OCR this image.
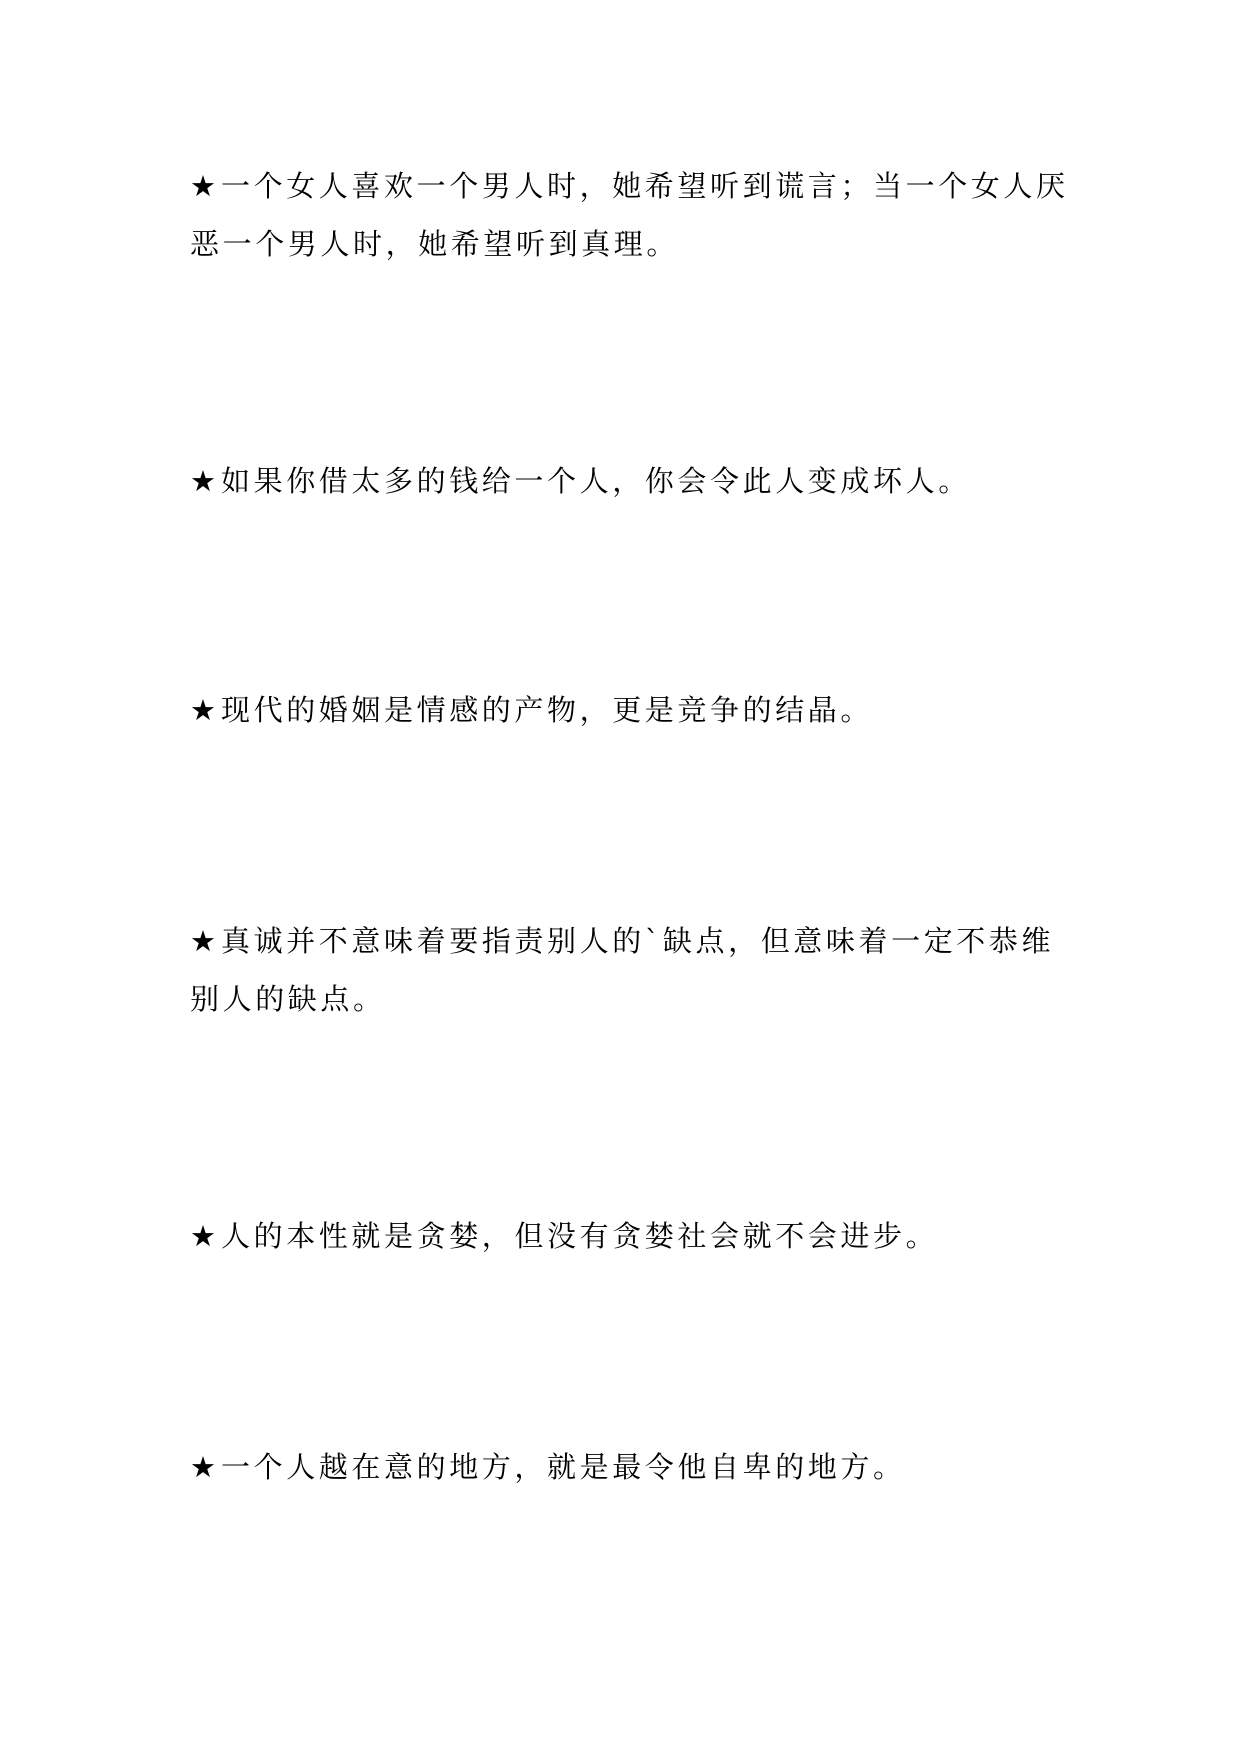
★ 一个女人喜欢一个男人时，她希望听到谎言；当一个女人厌恶一个男人时，她希望听到真理。

★ 如果你借太多的钱给一个人，你会令此人变成坏人。

★ 现代的婚姻是情感的产物，更是竞争的结晶。

★ 真诚并不意味着要指责别人的`缺点，但意味着一定不恭维别人的缺点。

★ 人的本性就是贪婪，但没有贪婪社会就不会进步。

★ 一个人越在意的地方，就是最令他自卑的地方。
